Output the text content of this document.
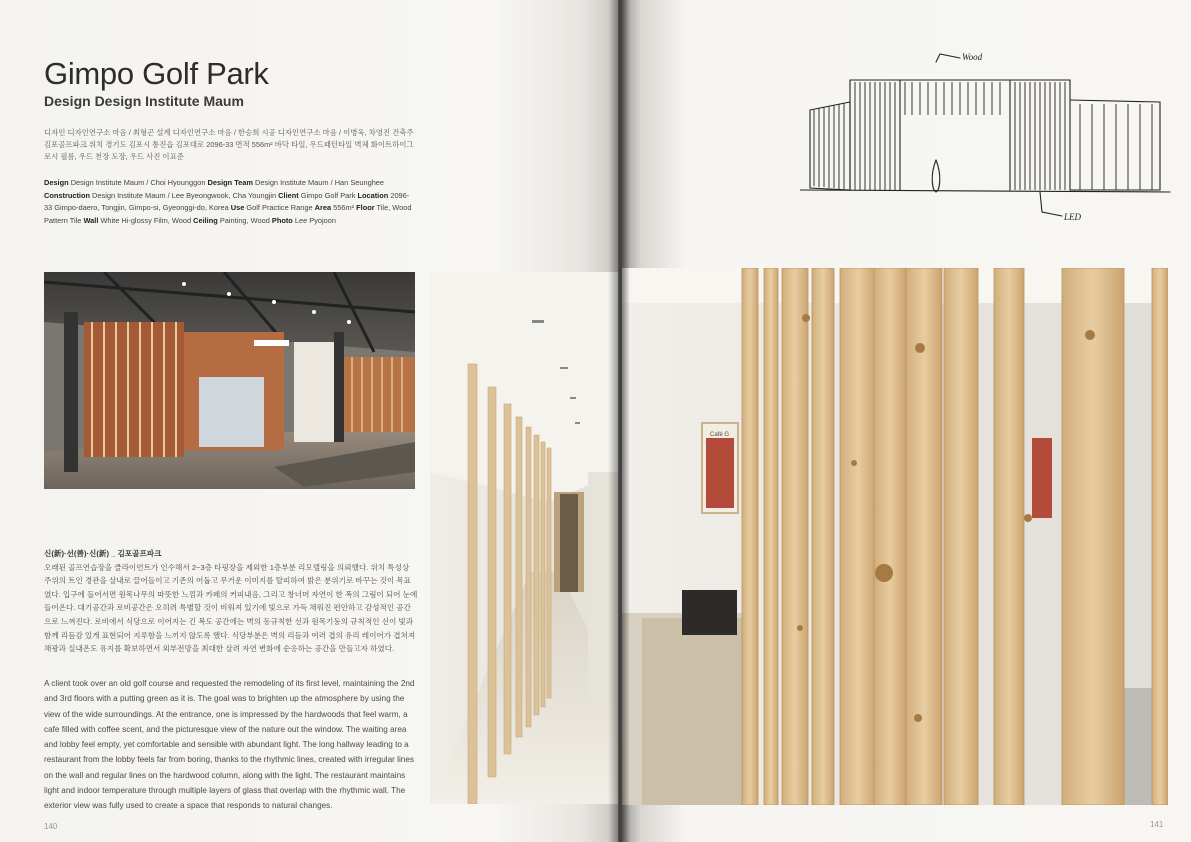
Gimpo Golf Park
Design Design Institute Maum
디자인 디자인연구소 마음 / 최형곤 설계 디자인연구소 마음 / 한승희 시공 디자인연구소 마음 / 이병욱, 차영진 건축주 김포골프파크 위치 경기도 김포시 통진읍 김포대로 2096-33 면적 556m² 바닥 타일, 우드패턴타일 벽체 화이트하이그로시 필름, 우드 천장 도장, 우드 사진 이표준
Design Design Institute Maum / Choi Hyounggon Design Team Design Institute Maum / Han Seunghee Construction Design Institute Maum / Lee Byeongwook, Cha Youngjin Client Gimpo Golf Park Location 2096-33 Gimpo-daero, Tongjin, Gimpo-si, Gyeonggi-do, Korea Use Golf Practice Range Area 556m² Floor Tile, Wood Pattern Tile Wall White Hi-glossy Film, Wood Ceiling Painting, Wood Photo Lee Pyojoon
신(新)·선(善)·신(新) _ 김포골프파크
오래된 골프연습장을 클라이언트가 인수해서 2~3층 타핑장을 제외한 1층부분 리모델링을 의뢰했다. 위치 특성상 주위의 트인 경관을 살내로 끌어들이고 기존의 어둡고 무거운 이미지를 탈피하여 밝은 분위기로 바꾸는 것이 목표였다. 입구에 들어서면 원목나무의 따뜻한 느낌과 카페의 커피내음, 그리고 창너머 자연이 한 폭의 그림이 되어 눈에 들어온다. 대기공간과 로비공간은 오히려 특별할 것이 비워져 있기에 빛으로 가득 채워진 편안하고 감성적인 공간으로 느껴진다. 로비에서 식당으로 이어지는 긴 복도 공간에는 벽의 동규칙한 선과 원목기둥의 규칙적인 선이 빛과 함께 리듬감 있게 표현되어 지루함을 느끼지 않도록 했다. 식당부분은 벽의 리듬과 여러 겹의 유리 레이어가 겹쳐져 채광과 실내온도 유지를 확보하면서 외부전망을 최대한 살려 자연 변화에 순응하는 공간을 만들고자 하였다.
A client took over an old golf course and requested the remodeling of its first level, maintaining the 2nd and 3rd floors with a putting green as it is. The goal was to brighten up the atmosphere by using the view of the wide surroundings. At the entrance, one is impressed by the hardwoods that feel warm, a cafe filled with coffee scent, and the picturesque view of the nature out the window. The waiting area and lobby feel empty, yet comfortable and sensible with abundant light. The long hallway leading to a restaurant from the lobby feels far from boring, thanks to the rhythmic lines, created with irregular lines on the wall and regular lines on the hardwood column, along with the light. The restaurant maintains light and indoor temperature through multiple layers of glass that overlap with the rhythmic wall. The exterior view was fully used to create a space that responds to natural changes.
140
Wood
LED
Café G
141
